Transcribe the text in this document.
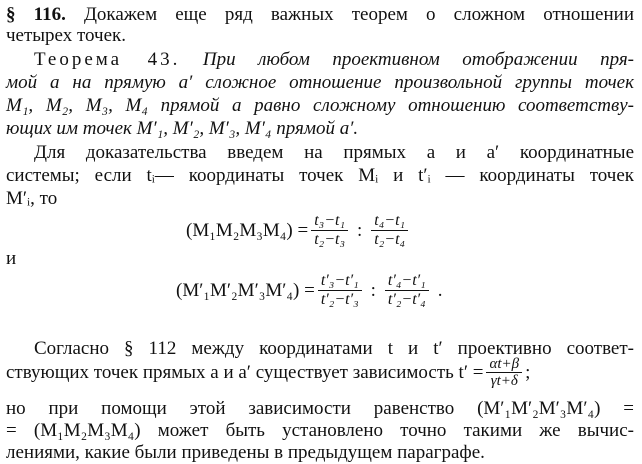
§ 116. Докажем еще ряд важных теорем о сложном отношении
четырех точек.
Теорема 43. При любом проективном отображении пря-
мой a на прямую a′ сложное отношение произвольной группы точек
M₁, M₂, M₃, M₄ прямой a равно сложному отношению соответству-
ющих им точек M′₁, M′₂, M′₃, M′₄ прямой a′.
Для доказательства введем на прямых a и a′ координатные
системы; если tᵢ— координаты точек Mᵢ и t′ᵢ — координаты точек
M′ᵢ, то
$(M_1M_2M_3M_4) = \frac{\text{t₃−t₁}}{\text{t₂−t₃}}$ : $\frac{\text{t₄−t₁}}{\text{t₂−t₄}}$
и
$(M'_1M'_2M'_3M'_4) = \frac{\text{t′₃−t′₁}}{\text{t′₂−t′₃}}$ : $\frac{\text{t′₄−t′₁}}{\text{t′₂−t′₄}}$ .
Согласно § 112 между координатами t и t′ проективно соответ-
ствующих точек прямых a и a′ существует зависимость $t' = \frac{\alpha t+\beta}{\gamma t+\delta}$ ;
но при помощи этой зависимости равенство (M′₁M′₂M′₃M′₄) =
= (M₁M₂M₃M₄) может быть установлено точно такими же вычис-
лениями, какие были приведены в предыдущем параграфе.
